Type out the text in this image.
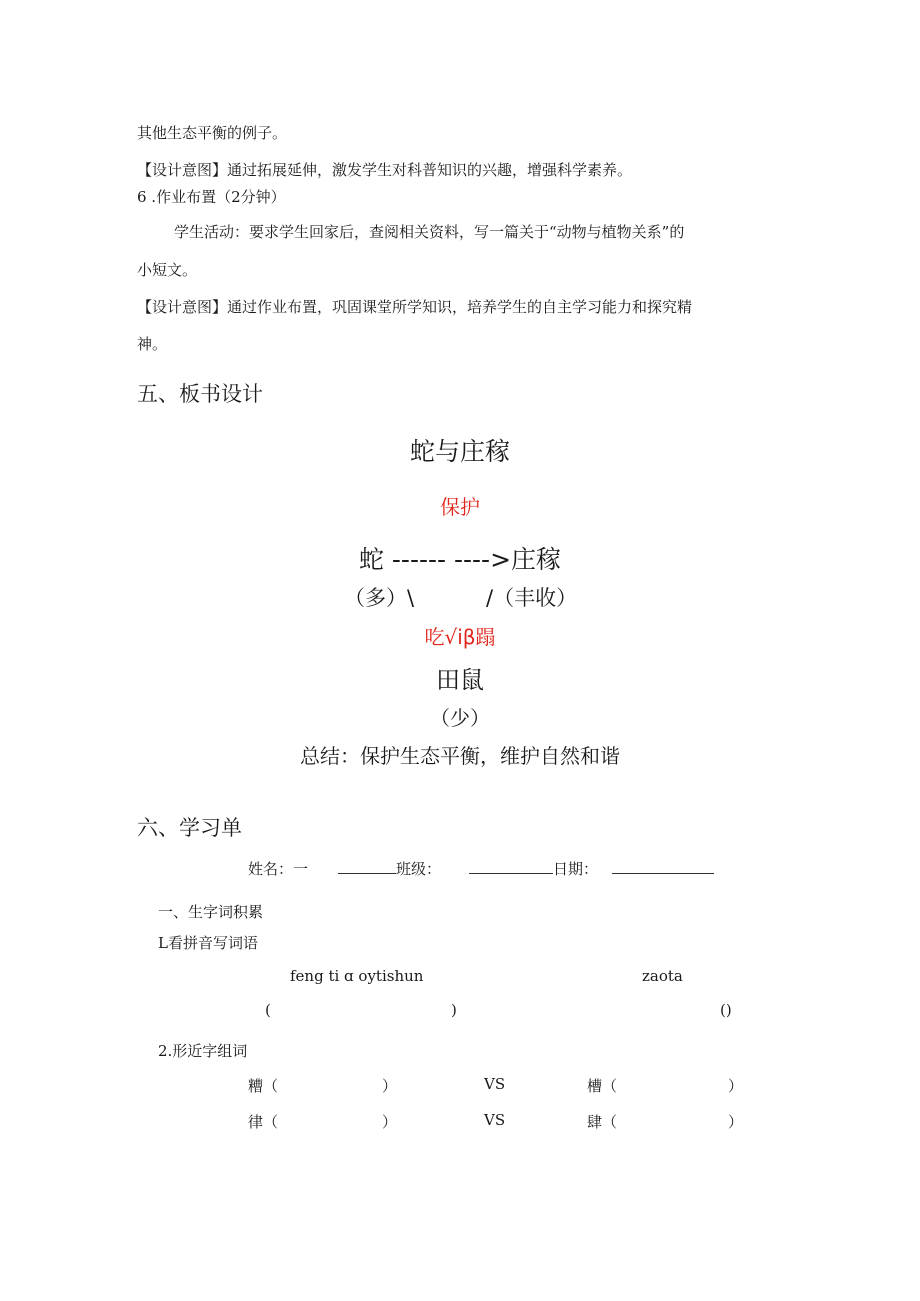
其他生态平衡的例子。
【设计意图】通过拓展延伸，激发学生对科普知识的兴趣，增强科学素养。
6 .作业布置（2分钟）
学生活动：要求学生回家后，查阅相关资料，写一篇关于“动物与植物关系”的
小短文。
【设计意图】通过作业布置，巩固课堂所学知识，培养学生的自主学习能力和探究精
神。
五、板书设计
蛇与庄稼
保护
蛇 ------ ---->庄稼
（多）\	/（丰收）
吃√iβ蹋
田鼠
（少）
总结：保护生态平衡，维护自然和谐
六、学习单
姓名：一	班级：	日期：
一、生字词积累
L看拼音写词语
feng ti ɑ oytishun	zaota
(	)	()
2.形近字组词
糟（	）	VS	槽（	）
律（	）	VS	肆（	）
